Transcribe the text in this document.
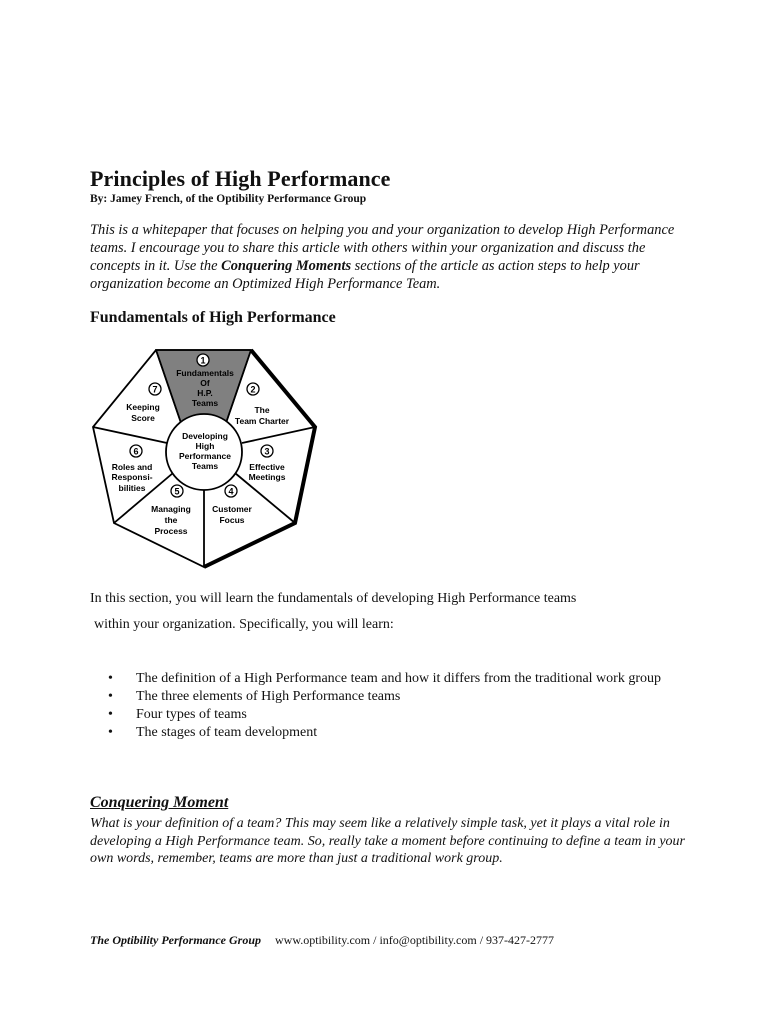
Principles of High Performance
By: Jamey French, of the Optibility Performance Group

This is a whitepaper that focuses on helping you and your organization to develop High Performance teams. I encourage you to share this article with others within your organization and discuss the concepts in it. Use the Conquering Moments sections of the article as action steps to help your organization become an Optimized High Performance Team.

Fundamentals of High Performance
Developing
High
Performance
Teams
1
Fundamentals
Of
H.P.
Teams
2
The
Team Charter
3
Effective
Meetings
4
Customer
Focus
5
Managing
the
Process
6
Roles and
Responsi-
bilities
7
Keeping
Score
In this section, you will learn the fundamentals of developing High Performance teams
within your organization. Specifically, you will learn:
• The definition of a High Performance team and how it differs from the traditional work group
• The three elements of High Performance teams
• Four types of teams
• The stages of team development
Conquering Moment

What is your definition of a team? This may seem like a relatively simple task, yet it plays a vital role in developing a High Performance team. So, really take a moment before continuing to define a team in your own words, remember, teams are more than just a traditional work group.

The Optibility Performance Group www.optibility.com / info@optibility.com / 937-427-2777
